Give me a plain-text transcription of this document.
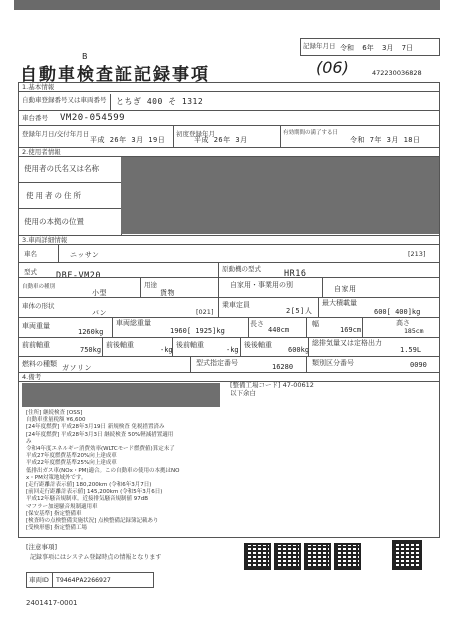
記録年月日 令和 6年 3月 7日
B
自動車検査証記録事項	(06)	472230036828
1.基本情報
自動車登録番号又は車両番号 とちぎ 400 そ 1312
車台番号 VM20-054599
登録年月日/交付年月日
平成 26年 3月 19日
初度登録年月
平成 26年 3月
有効期間の満了する日
令和 7年 3月 18日
2.使用者情報
使用者の氏名又は名称
使用者の住所
使用の本拠の位置
3.車両詳細情報
車名	ニッサン	[213]
型式 DBF-VM20
原動機の型式	HR16
自動車の種別
小型
用途
貨物
自家用・事業用の別	自家用
車体の形状
バン	[021]
乗車定員
2[5]人
最大積載量
600[ 400]kg
車両重量
1260kg
車両総重量
1960[ 1925]kg
長さ
440cm
幅
169cm
高さ
185cm
前前軸重
750kg
前後軸重
-kg
後前軸重
-kg
後後軸重
600kg
総排気量又は定格出力
1.59L
燃料の種類 ガソリン
型式指定番号	16280	類別区分番号	0090
4.備考
[整備工場コード] 47-00612
以下余白
[住所] 継続検査 [OSS]
自動車重量税額 ¥6,600
[24年度燃費] 平成28年3月19日 新規検査 免税措置済み
[24年度燃費] 平成28年3月3日 継続検査 50%軽減措置適用
み
令和4年度エネルギー消費効率(WLTCモード燃費値)算定未了
平成27年度燃費基準20%向上達成車
平成22年度燃費基準25%向上達成車
低排出ガス車(NOx・PM)適合。この自動車の使用の本拠はNO
x・PM対策地域外です。
[走行距離計表示値] 180,200km (令和6年3月7日)
[前回走行距離計表示値] 145,200km (令和5年3月6日)
平成12年騒音規制車。近接排気騒音規制値 97dB
マフラー加速騒音規制適用車
[保安基準] 指定整備車
[検査時の点検整備実施状況] 点検整備記録簿記載あり
[受検形態] 指定整備工場
[注意事項]
記録事項にはシステム登録時点の情報となります
車両ID T9464PA2266927
2401417-0001
